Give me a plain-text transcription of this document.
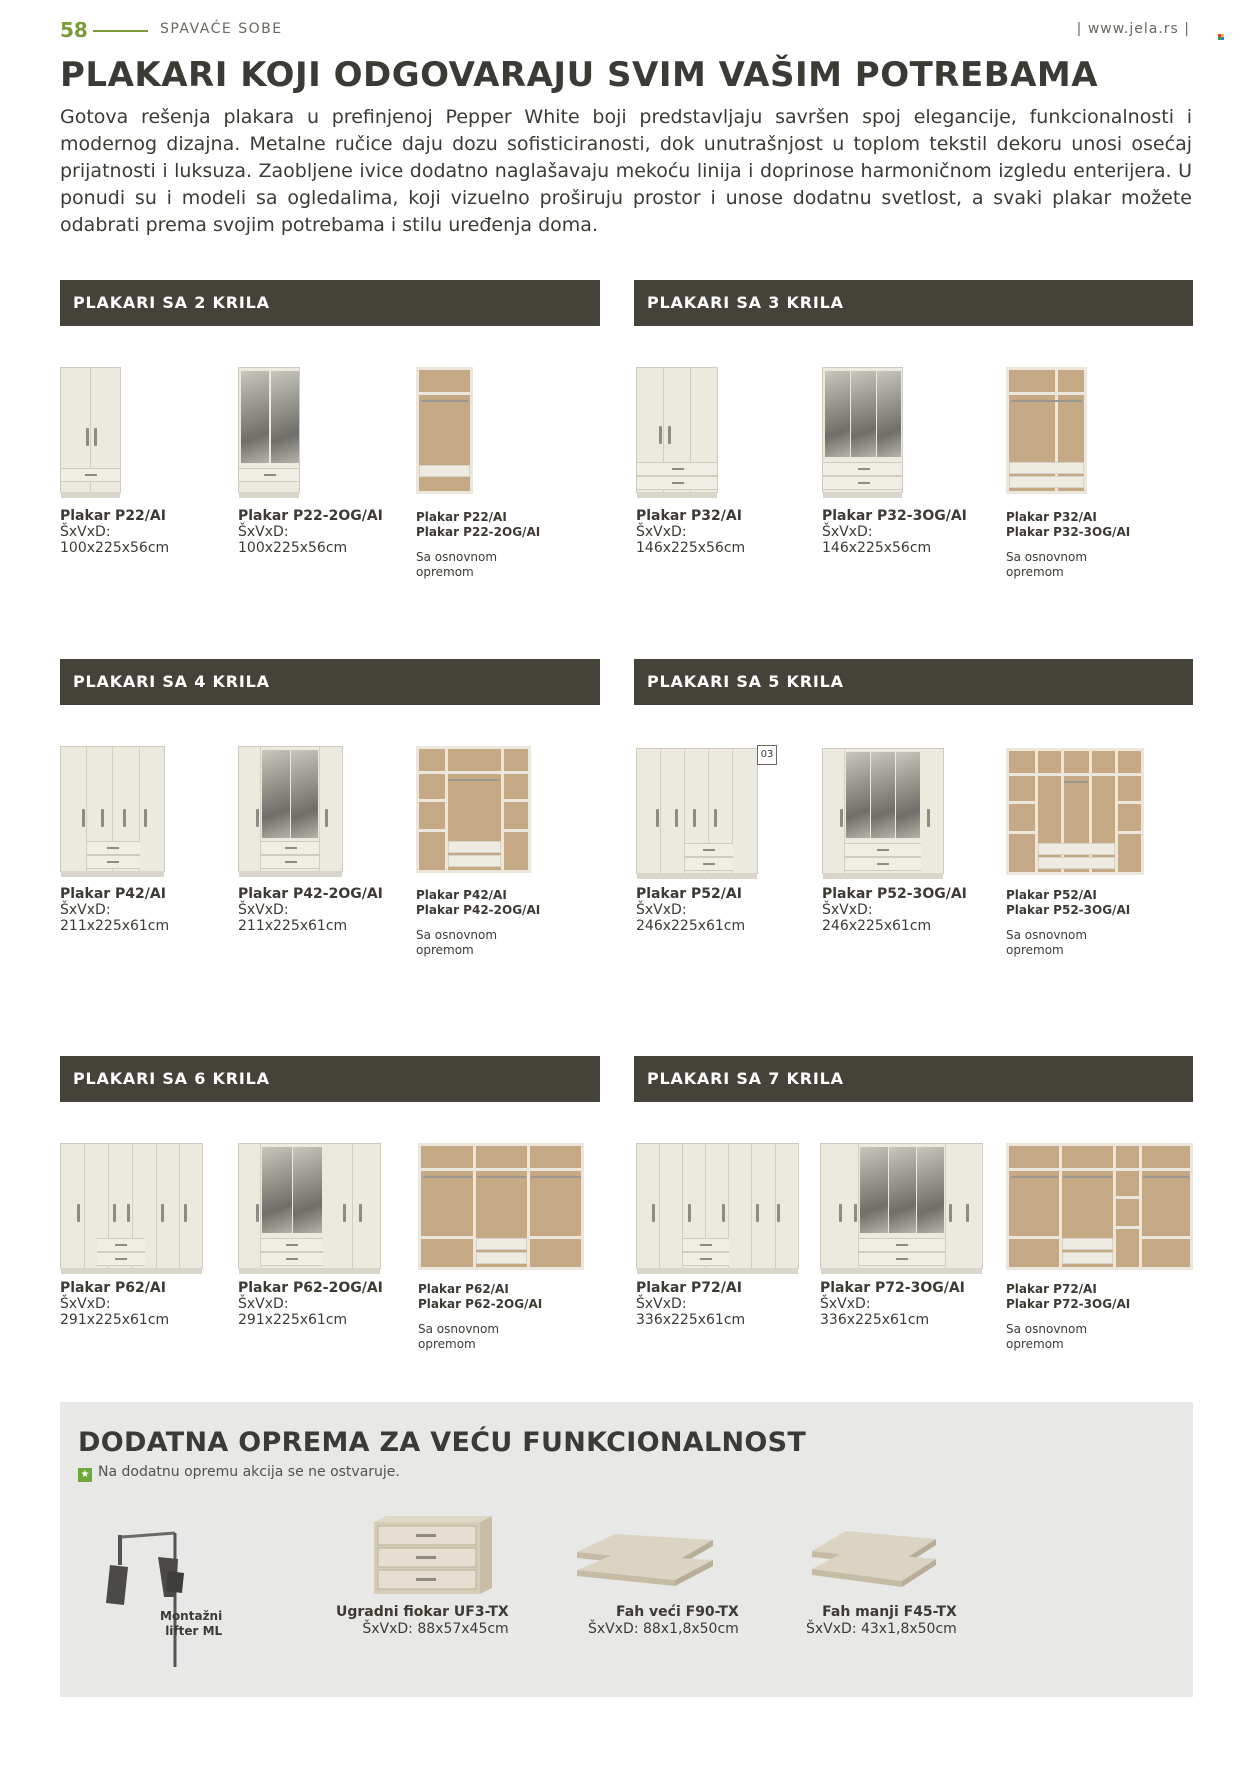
58	SPAVAĆE SOBE	| www.jela.rs |
PLAKARI KOJI ODGOVARAJU SVIM VAŠIM POTREBAMA

Gotova rešenja plakara u prefinjenoj Pepper White boji predstavljaju savršen spoj elegancije, funkcionalnosti i modernog dizajna. Metalne ručice daju dozu sofisticiranosti, dok unutrašnjost u toplom tekstil dekoru unosi osećaj prijatnosti i luksuza. Zaobljene ivice dodatno naglašavaju mekoću linija i doprinose harmoničnom izgledu enterijera. U ponudi su i modeli sa ogledalima, koji vizuelno proširuju prostor i unose dodatnu svetlost, a svaki plakar možete odabrati prema svojim potrebama i stilu uređenja doma.

PLAKARI SA 2 KRILA
Plakar P22/AI
ŠxVxD:
100x225x56cm
Plakar P22-2OG/AI
ŠxVxD:
100x225x56cm
Plakar P22/AI
Plakar P22-2OG/AI
Sa osnovnom
opremom
PLAKARI SA 3 KRILA
Plakar P32/AI
ŠxVxD:
146x225x56cm
Plakar P32-3OG/AI
ŠxVxD:
146x225x56cm
Plakar P32/AI
Plakar P32-3OG/AI
Sa osnovnom
opremom
PLAKARI SA 4 KRILA
Plakar P42/AI
ŠxVxD:
211x225x61cm
Plakar P42-2OG/AI
ŠxVxD:
211x225x61cm
Plakar P42/AI
Plakar P42-2OG/AI
Sa osnovnom
opremom
PLAKARI SA 5 KRILA
03
Plakar P52/AI
ŠxVxD:
246x225x61cm
Plakar P52-3OG/AI
ŠxVxD:
246x225x61cm
Plakar P52/AI
Plakar P52-3OG/AI
Sa osnovnom
opremom
PLAKARI SA 6 KRILA
Plakar P62/AI
ŠxVxD:
291x225x61cm
Plakar P62-2OG/AI
ŠxVxD:
291x225x61cm
Plakar P62/AI
Plakar P62-2OG/AI
Sa osnovnom
opremom
PLAKARI SA 7 KRILA
Plakar P72/AI
ŠxVxD:
336x225x61cm
Plakar P72-3OG/AI
ŠxVxD:
336x225x61cm
Plakar P72/AI
Plakar P72-3OG/AI
Sa osnovnom
opremom
DODATNA OPREMA ZA VEĆU FUNKCIONALNOST
★ Na dodatnu opremu akcija se ne ostvaruje.
Montažni
lifter ML
Ugradni fiokar UF3-TX
ŠxVxD: 88x57x45cm
Fah veći F90-TX
ŠxVxD: 88x1,8x50cm
Fah manji F45-TX
ŠxVxD: 43x1,8x50cm
